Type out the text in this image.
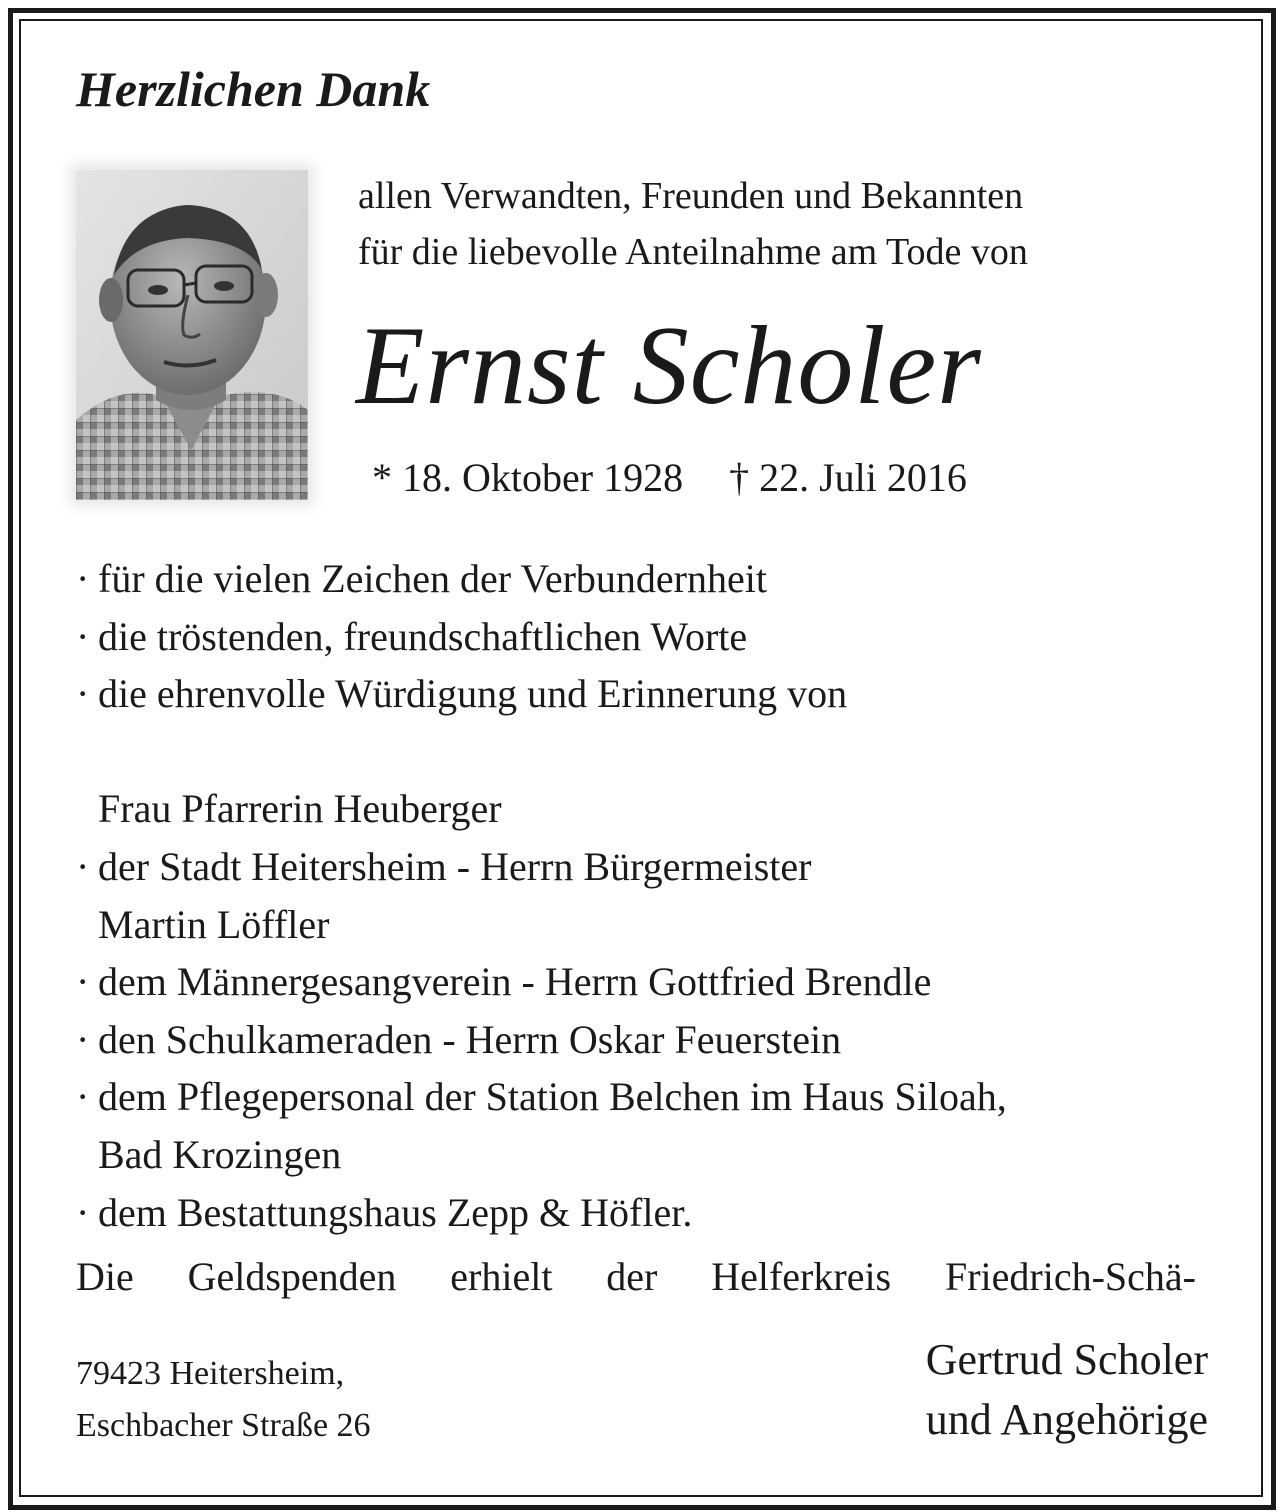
Herzlichen Dank
allen Verwandten, Freunden und Bekannten
für die liebevolle Anteilnahme am Tode von
Ernst Scholer
* 18. Oktober 1928 † 22. Juli 2016
· für die vielen Zeichen der Verbundernheit
· die tröstenden, freundschaftlichen Worte
· die ehrenvolle Würdigung und Erinnerung von
Frau Pfarrerin Heuberger
· der Stadt Heitersheim - Herrn Bürgermeister
Martin Löffler
· dem Männergesangverein - Herrn Gottfried Brendle
· den Schulkameraden - Herrn Oskar Feuerstein
· dem Pflegepersonal der Station Belchen im Haus Siloah,
Bad Krozingen
· dem Bestattungshaus Zepp & Höfler.
Die Geldspenden erhielt der Helferkreis Friedrich-Schä-
79423 Heitersheim,
Eschbacher Straße 26
Gertrud Scholer
und Angehörige
